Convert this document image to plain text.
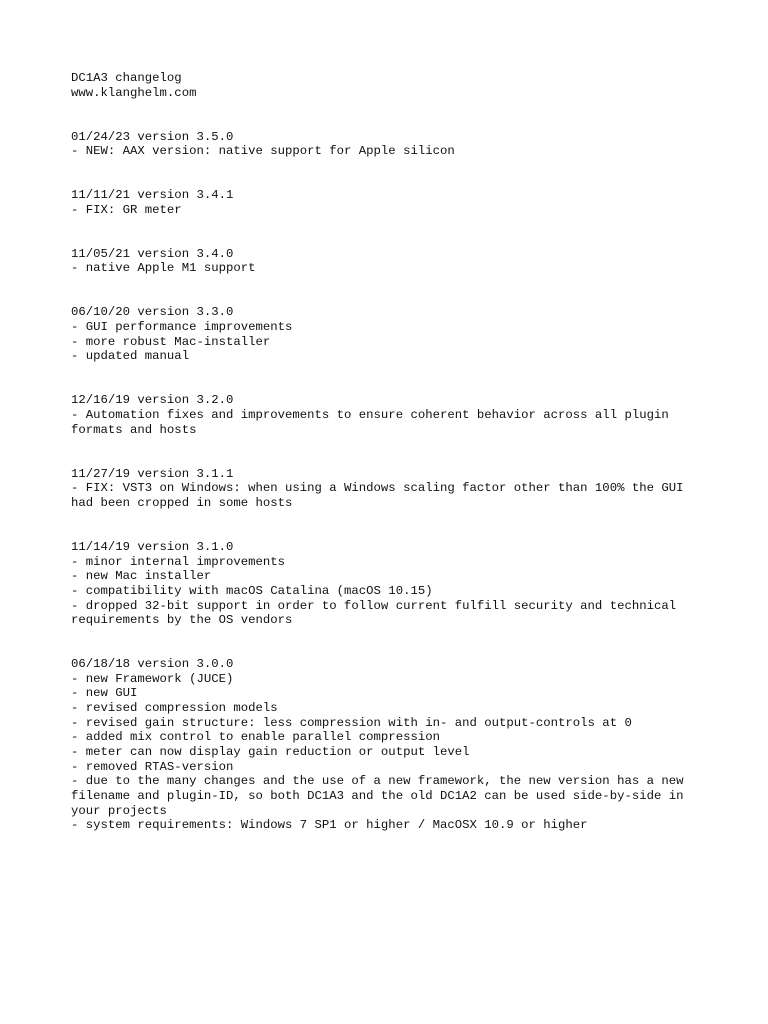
DC1A3 changelog
www.klanghelm.com
01/24/23 version 3.5.0
- NEW: AAX version: native support for Apple silicon
11/11/21 version 3.4.1
- FIX: GR meter
11/05/21 version 3.4.0
- native Apple M1 support
06/10/20 version 3.3.0
- GUI performance improvements
- more robust Mac-installer
- updated manual
12/16/19 version 3.2.0
- Automation fixes and improvements to ensure coherent behavior across all plugin
formats and hosts
11/27/19 version 3.1.1
- FIX: VST3 on Windows: when using a Windows scaling factor other than 100% the GUI
had been cropped in some hosts
11/14/19 version 3.1.0
- minor internal improvements
- new Mac installer
- compatibility with macOS Catalina (macOS 10.15)
- dropped 32-bit support in order to follow current fulfill security and technical
requirements by the OS vendors
06/18/18 version 3.0.0
- new Framework (JUCE)
- new GUI
- revised compression models
- revised gain structure: less compression with in- and output-controls at 0
- added mix control to enable parallel compression
- meter can now display gain reduction or output level
- removed RTAS-version
- due to the many changes and the use of a new framework, the new version has a new
filename and plugin-ID, so both DC1A3 and the old DC1A2 can be used side-by-side in
your projects
- system requirements: Windows 7 SP1 or higher / MacOSX 10.9 or higher
